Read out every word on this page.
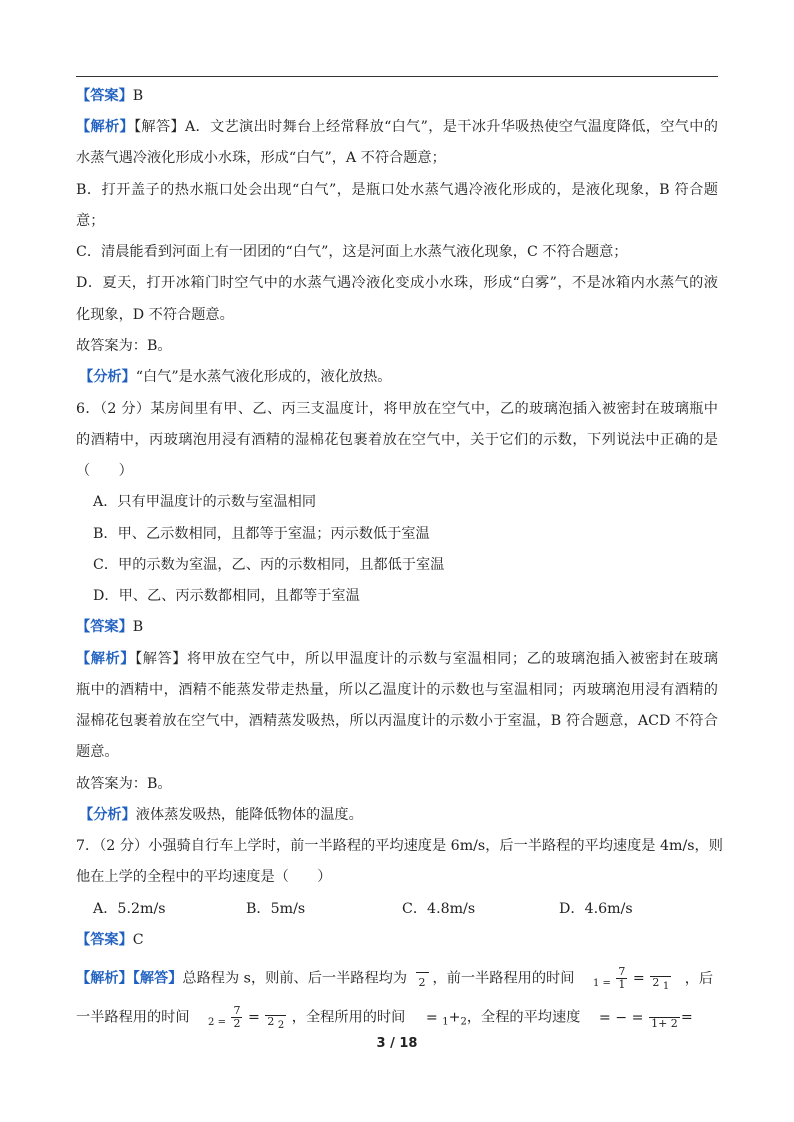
【答案】B
【解析】【解答】A．文艺演出时舞台上经常释放“白气”，是干冰升华吸热使空气温度降低，空气中的
水蒸气遇冷液化形成小水珠，形成“白气”，A 不符合题意；
B．打开盖子的热水瓶口处会出现“白气”，是瓶口处水蒸气遇冷液化形成的，是液化现象，B 符合题
意；
C．清晨能看到河面上有一团团的“白气”，这是河面上水蒸气液化现象，C 不符合题意；
D．夏天，打开冰箱门时空气中的水蒸气遇冷液化变成小水珠，形成“白雾”，不是冰箱内水蒸气的液
化现象，D 不符合题意。
故答案为：B。
【分析】“白气”是水蒸气液化形成的，液化放热。
6．（2 分）某房间里有甲、乙、丙三支温度计，将甲放在空气中，乙的玻璃泡插入被密封在玻璃瓶中
的酒精中，丙玻璃泡用浸有酒精的湿棉花包裹着放在空气中，关于它们的示数，下列说法中正确的是
（　　）
A．只有甲温度计的示数与室温相同
B．甲、乙示数相同，且都等于室温；丙示数低于室温
C．甲的示数为室温，乙、丙的示数相同，且都低于室温
D．甲、乙、丙示数都相同，且都等于室温
【答案】B
【解析】【解答】将甲放在空气中，所以甲温度计的示数与室温相同；乙的玻璃泡插入被密封在玻璃
瓶中的酒精中，酒精不能蒸发带走热量，所以乙温度计的示数也与室温相同；丙玻璃泡用浸有酒精的
湿棉花包裹着放在空气中，酒精蒸发吸热，所以丙温度计的示数小于室温，B 符合题意，ACD 不符合
题意。
故答案为：B。
【分析】液体蒸发吸热，能降低物体的温度。
7．（2 分）小强骑自行车上学时，前一半路程的平均速度是 6m/s，后一半路程的平均速度是 4m/s，则
他在上学的全程中的平均速度是（　　）
A．5.2m/s	B．5m/s	C．4.8m/s	D．4.6m/s
【答案】C
【解析】【解答】总路程为 s，则前、后一半路程均为 2 ，前一半路程用的时间 $_{1 =} \frac{7}{1}$ =
2 1 ，后
一半路程用的时间 $_{2 =} \frac{7}{2}$ =
2 2 ，全程所用的时间 = $_1+_2$，全程的平均速度 = − =
1+ 2 =
3 / 18
